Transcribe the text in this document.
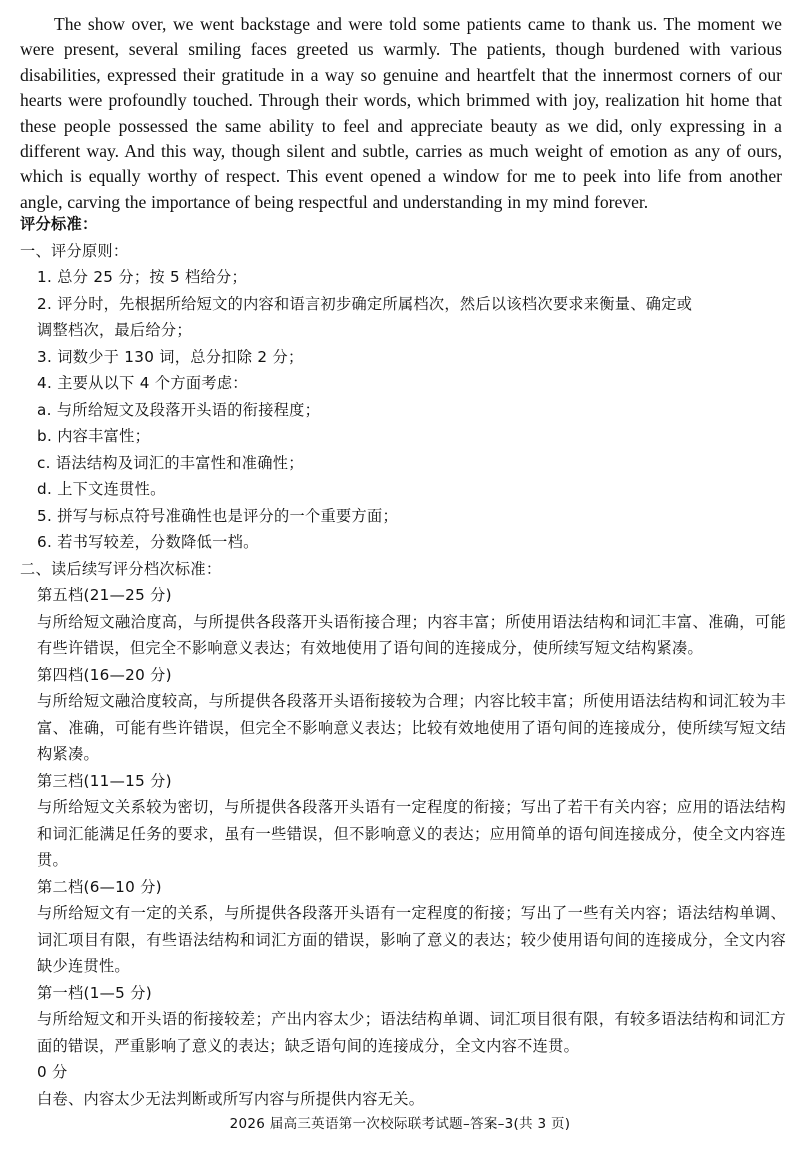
The show over, we went backstage and were told some patients came to thank us. The moment we were present, several smiling faces greeted us warmly. The patients, though burdened with various disabilities, expressed their gratitude in a way so genuine and heartfelt that the innermost corners of our hearts were profoundly touched. Through their words, which brimmed with joy, realization hit home that these people possessed the same ability to feel and appreciate beauty as we did, only expressing in a different way. And this way, though silent and subtle, carries as much weight of emotion as any of ours, which is equally worthy of respect. This event opened a window for me to peek into life from another angle, carving the importance of being respectful and understanding in my mind forever.

评分标准：
一、评分原则：
1. 总分 25 分；按 5 档给分；
2. 评分时，先根据所给短文的内容和语言初步确定所属档次，然后以该档次要求来衡量、确定或
调整档次，最后给分；
3. 词数少于 130 词，总分扣除 2 分；
4. 主要从以下 4 个方面考虑：
a. 与所给短文及段落开头语的衔接程度；
b. 内容丰富性；
c. 语法结构及词汇的丰富性和准确性；
d. 上下文连贯性。
5. 拼写与标点符号准确性也是评分的一个重要方面；
6. 若书写较差，分数降低一档。
二、读后续写评分档次标准：
第五档(21—25 分)

与所给短文融洽度高，与所提供各段落开头语衔接合理；内容丰富；所使用语法结构和词汇丰富、准确，可能有些许错误，但完全不影响意义表达；有效地使用了语句间的连接成分，使所续写短文结构紧凑。

第四档(16—20 分)

与所给短文融洽度较高，与所提供各段落开头语衔接较为合理；内容比较丰富；所使用语法结构和词汇较为丰富、准确，可能有些许错误，但完全不影响意义表达；比较有效地使用了语句间的连接成分，使所续写短文结构紧凑。

第三档(11—15 分)

与所给短文关系较为密切，与所提供各段落开头语有一定程度的衔接；写出了若干有关内容；应用的语法结构和词汇能满足任务的要求，虽有一些错误，但不影响意义的表达；应用简单的语句间连接成分，使全文内容连贯。

第二档(6—10 分)

与所给短文有一定的关系，与所提供各段落开头语有一定程度的衔接；写出了一些有关内容；语法结构单调、词汇项目有限，有些语法结构和词汇方面的错误，影响了意义的表达；较少使用语句间的连接成分，全文内容缺少连贯性。

第一档(1—5 分)

与所给短文和开头语的衔接较差；产出内容太少；语法结构单调、词汇项目很有限，有较多语法结构和词汇方面的错误，严重影响了意义的表达；缺乏语句间的连接成分，全文内容不连贯。

0 分

白卷、内容太少无法判断或所写内容与所提供内容无关。

2026 届高三英语第一次校际联考试题–答案–3(共 3 页)
